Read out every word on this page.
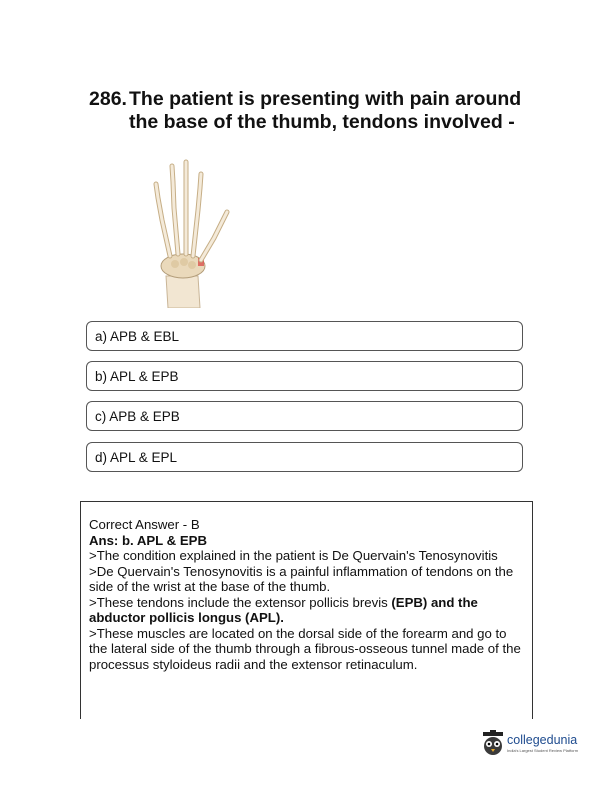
286. The patient is presenting with pain around the base of the thumb, tendons involved -
a) APB & EBL
b) APL & EPB
c) APB & EPB
d) APL & EPL

Correct Answer - B

Ans: b. APL & EPB

>The condition explained in the patient is De Quervain's Tenosynovitis

>De Quervain's Tenosynovitis is a painful inflammation of tendons on the side of the wrist at the base of the thumb.

>These tendons include the extensor pollicis brevis (EPB) and the abductor pollicis longus (APL).

>These muscles are located on the dorsal side of the forearm and go to the lateral side of the thumb through a fibrous-osseous tunnel made of the processus styloideus radii and the extensor retinaculum.

collegedunia
India's Largest Student Review Platform
